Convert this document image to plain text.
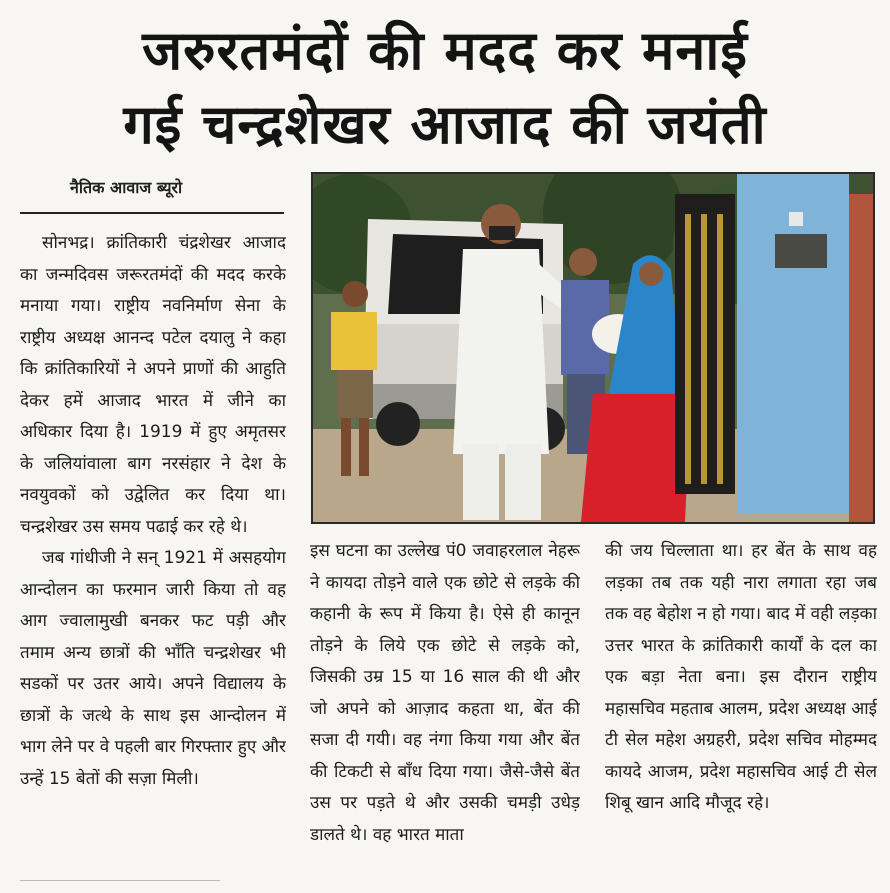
जरुरतमंदों की मदद कर मनाई
गई चन्द्रशेखर आजाद की जयंती
नैतिक आवाज ब्यूरो

सोनभद्र। क्रांतिकारी चंद्रशेखर आजाद का जन्मदिवस जरूरतमंदों की मदद करके मनाया गया। राष्ट्रीय नवनिर्माण सेना के राष्ट्रीय अध्यक्ष आनन्द पटेल दयालु ने कहा कि क्रांतिकारियों ने अपने प्राणों की आहुति देकर हमें आजाद भारत में जीने का अधिकार दिया है। 1919 में हुए अमृतसर के जलियांवाला बाग नरसंहार ने देश के नवयुवकों को उद्वेलित कर दिया था। चन्द्रशेखर उस समय पढाई कर रहे थे।

जब गांधीजी ने सन् 1921 में असहयोग आन्दोलन का फरमान जारी किया तो वह आग ज्वालामुखी बनकर फट पड़ी और तमाम अन्य छात्रों की भाँति चन्द्रशेखर भी सडकों पर उतर आये। अपने विद्यालय के छात्रों के जत्थे के साथ इस आन्दोलन में भाग लेने पर वे पहली बार गिरफ्तार हुए और उन्हें 15 बेतों की सज़ा मिली।

इस घटना का उल्लेख पं0 जवाहरलाल नेहरू ने कायदा तोड़ने वाले एक छोटे से लड़के की कहानी के रूप में किया है। ऐसे ही कानून तोड़ने के लिये एक छोटे से लड़के को, जिसकी उम्र 15 या 16 साल की थी और जो अपने को आज़ाद कहता था, बेंत की सजा दी गयी। वह नंगा किया गया और बेंत की टिकटी से बाँध दिया गया। जैसे-जैसे बेंत उस पर पड़ते थे और उसकी चमड़ी उधेड़ डालते थे। वह भारत माता

की जय चिल्लाता था। हर बेंत के साथ वह लड़का तब तक यही नारा लगाता रहा जब तक वह बेहोश न हो गया। बाद में वही लड़का उत्तर भारत के क्रांतिकारी कार्यों के दल का एक बड़ा नेता बना। इस दौरान राष्ट्रीय महासचिव महताब आलम, प्रदेश अध्यक्ष आई टी सेल महेश अग्रहरी, प्रदेश सचिव मोहम्मद कायदे आजम, प्रदेश महासचिव आई टी सेल शिबू खान आदि मौजूद रहे।
